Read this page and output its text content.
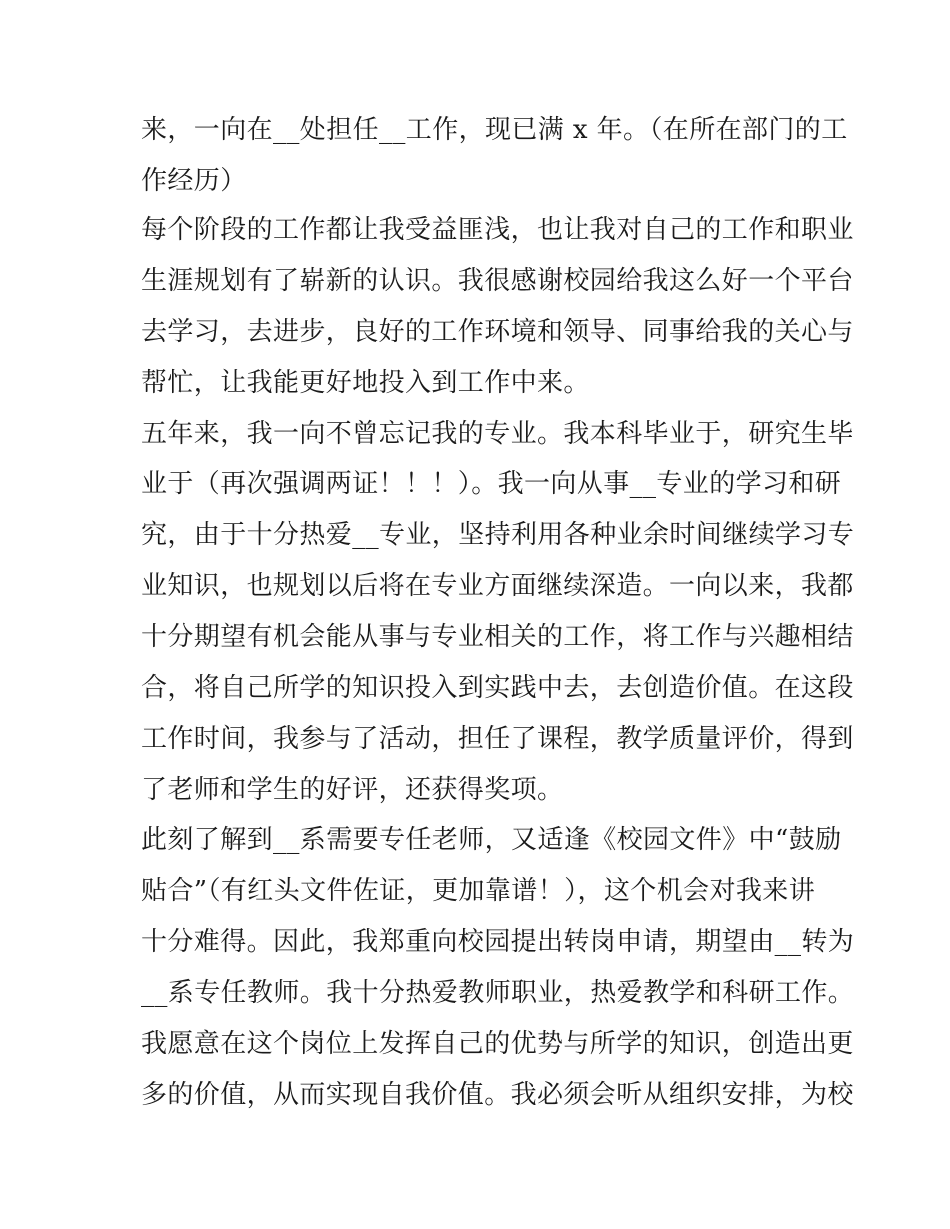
来，一向在__处担任__工作，现已满 x 年。（在所在部门的工
作经历）
每个阶段的工作都让我受益匪浅，也让我对自己的工作和职业
生涯规划有了崭新的认识。我很感谢校园给我这么好一个平台
去学习，去进步，良好的工作环境和领导、同事给我的关心与
帮忙，让我能更好地投入到工作中来。
五年来，我一向不曾忘记我的专业。我本科毕业于，研究生毕
业于（再次强调两证！！！）。我一向从事__专业的学习和研
究，由于十分热爱__专业，坚持利用各种业余时间继续学习专
业知识，也规划以后将在专业方面继续深造。一向以来，我都
十分期望有机会能从事与专业相关的工作，将工作与兴趣相结
合，将自己所学的知识投入到实践中去，去创造价值。在这段
工作时间，我参与了活动，担任了课程，教学质量评价，得到
了老师和学生的好评，还获得奖项。
此刻了解到__系需要专任老师，又适逢《校园文件》中“鼓励
贴合”（有红头文件佐证，更加靠谱！），这个机会对我来讲
十分难得。因此，我郑重向校园提出转岗申请，期望由__转为
__系专任教师。我十分热爱教师职业，热爱教学和科研工作。
我愿意在这个岗位上发挥自己的优势与所学的知识，创造出更
多的价值，从而实现自我价值。我必须会听从组织安排，为校
